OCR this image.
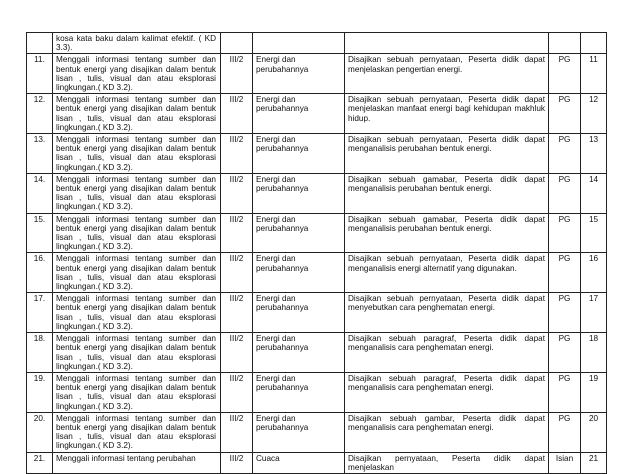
	kosa kata baku dalam kalimat efektif. ( KD 3.3).					
11.	Menggali informasi tentang sumber dan bentuk energi yang disajikan dalam bentuk lisan , tulis, visual dan atau eksplorasi lingkungan.( KD 3.2).	III/2	Energi dan perubahannya	Disajikan sebuah pernyataan, Peserta didik dapat menjelaskan pengertian energi.	PG	11
12.	Menggali informasi tentang sumber dan bentuk energi yang disajikan dalam bentuk lisan , tulis, visual dan atau eksplorasi lingkungan.( KD 3.2).	III/2	Energi dan perubahannya	Disajikan sebuah pernyataan, Peserta didik dapat menjelaskan manfaat energi bagi kehidupan makhluk hidup.	PG	12
13.	Menggali informasi tentang sumber dan bentuk energi yang disajikan dalam bentuk lisan , tulis, visual dan atau eksplorasi lingkungan.( KD 3.2).	III/2	Energi dan perubahannya	Disajikan sebuah pernyataan, Peserta didik dapat menganalisis perubahan bentuk energi.	PG	13
14.	Menggali informasi tentang sumber dan bentuk energi yang disajikan dalam bentuk lisan , tulis, visual dan atau eksplorasi lingkungan.( KD 3.2).	III/2	Energi dan perubahannya	Disajikan sebuah gamabar, Peserta didik dapat menganalisis perubahan bentuk energi.	PG	14
15.	Menggali informasi tentang sumber dan bentuk energi yang disajikan dalam bentuk lisan , tulis, visual dan atau eksplorasi lingkungan.( KD 3.2).	III/2	Energi dan perubahannya	Disajikan sebuah gamabar, Peserta didik dapat menganalisis perubahan bentuk energi.	PG	15
16.	Menggali informasi tentang sumber dan bentuk energi yang disajikan dalam bentuk lisan , tulis, visual dan atau eksplorasi lingkungan.( KD 3.2).	III/2	Energi dan perubahannya	Disajikan sebuah pernyataan, Peserta didik dapat menganalisis energi alternatif yang digunakan.	PG	16
17.	Menggali informasi tentang sumber dan bentuk energi yang disajikan dalam bentuk lisan , tulis, visual dan atau eksplorasi lingkungan.( KD 3.2).	III/2	Energi dan perubahannya	Disajikan sebuah pernyataan, Peserta didik dapat menyebutkan cara penghematan energi.	PG	17
18.	Menggali informasi tentang sumber dan bentuk energi yang disajikan dalam bentuk lisan , tulis, visual dan atau eksplorasi lingkungan.( KD 3.2).	III/2	Energi dan perubahannya	Disajikan sebuah paragraf, Peserta didik dapat menganalisis cara penghematan energi.	PG	18
19.	Menggali informasi tentang sumber dan bentuk energi yang disajikan dalam bentuk lisan , tulis, visual dan atau eksplorasi lingkungan.( KD 3.2).	III/2	Energi dan perubahannya	Disajikan sebuah paragraf, Peserta didik dapat menganalisis cara penghematan energi.	PG	19
20.	Menggali informasi tentang sumber dan bentuk energi yang disajikan dalam bentuk lisan , tulis, visual dan atau eksplorasi lingkungan.( KD 3.2).	III/2	Energi dan perubahannya	Disajikan sebuah gambar, Peserta didik dapat menganalisis cara penghematan energi.	PG	20
21.	Menggali informasi tentang perubahan	III/2	Cuaca	Disajikan pernyataan, Peserta didik dapat menjelaskan	Isian	21
